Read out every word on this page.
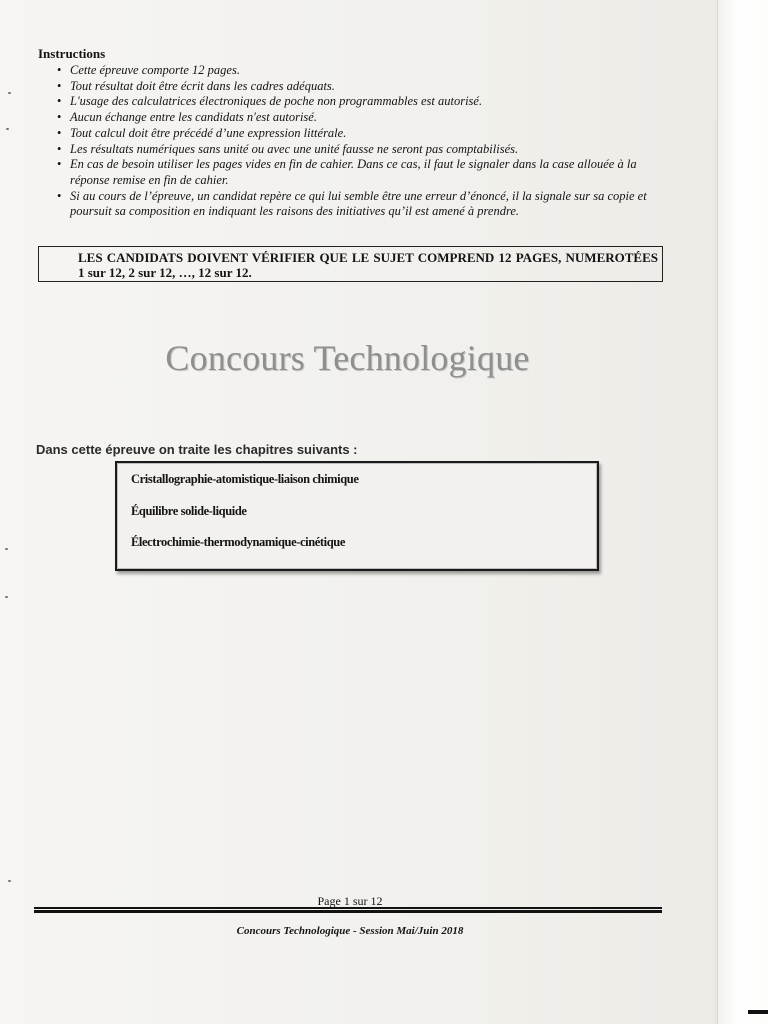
Instructions
• Cette épreuve comporte 12 pages.
• Tout résultat doit être écrit dans les cadres adéquats.
• L'usage des calculatrices électroniques de poche non programmables est autorisé.
• Aucun échange entre les candidats n'est autorisé.
• Tout calcul doit être précédé d’une expression littérale.
• Les résultats numériques sans unité ou avec une unité fausse ne seront pas comptabilisés.
• En cas de besoin utiliser les pages vides en fin de cahier. Dans ce cas, il faut le signaler dans la case allouée à la réponse remise en fin de cahier.
• Si au cours de l’épreuve, un candidat repère ce qui lui semble être une erreur d’énoncé, il la signale sur sa copie et poursuit sa composition en indiquant les raisons des initiatives qu’il est amené à prendre.
LES CANDIDATS DOIVENT VÉRIFIER QUE LE SUJET COMPREND 12 PAGES, NUMEROTÉES 1 sur 12, 2 sur 12, …, 12 sur 12.
Concours Technologique
Dans cette épreuve on traite les chapitres suivants :
Cristallographie-atomistique-liaison chimique
Équilibre solide-liquide
Électrochimie-thermodynamique-cinétique
Page 1 sur 12
Concours Technologique - Session Mai/Juin 2018
